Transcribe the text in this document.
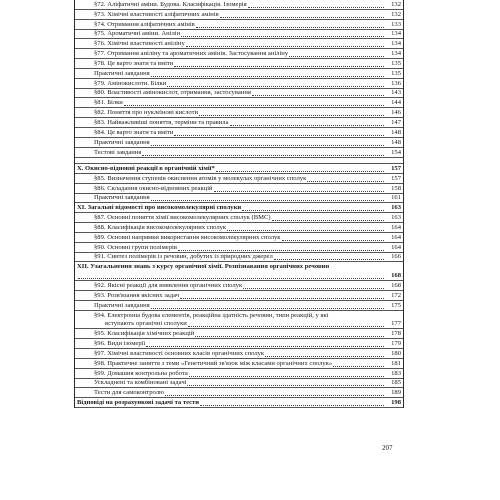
§72. Аліфатичні аміни. Будова. Класифікація. Ізомерія	132
§73. Хімічні властивості аліфатичних амінів	132
§74. Отримання аліфатичних амінів	133
§75. Ароматичні аміни. Анілін	134
§76. Хімічні властивості аніліну	134
§77. Отримання аніліну та ароматичних амінів. Застосування аніліну	134
§78. Це варто знати та вміти	135
Практичні завдання	135
§79. Амінокислоти. Білки	136
§80. Властивості амінокислот, отримання, застосування	143
§81. Білки	144
§82. Поняття про нуклеїнові кислоти	146
§83. Найважливіші поняття, терміни та правила	147
§84. Це варто знати та вміти	148
Практичні завдання	148
Тестові завдання	154
X. Окисно-відновні реакції в органічній хімії*	157
§85. Визначення ступенів окиснення атомів у молекулах органічних сполук	157
§86. Складання окисно-відновних реакцій	158
Практичні завдання	161
XI. Загальні відомості про високомолекулярні сполуки	163
§87. Основні поняття хімії високомолекулярних сполук (ВМС)	163
§88. Класифікація високомолекулярних сполук	164
§89. Основні напрямки використання високомолекулярних сполук	164
§90. Основні групи полімерів	164
§91. Синтез полімерів із речовин, добутих із природних джерел	166
XII. Узагальнення знань з курсу органічної хімії. Розпізнавання органічних речовин
168
§92. Якісні реакції для виявлення органічних сполук	168
§93. Розв'язання якісних задач	172
Практичні завдання	175
§94. Електронна будова елементів, реакційна здатність речовин, типи реакцій, у які
вступають органічні сполуки	177
§95. Класифікація хімічних реакцій	178
§96. Види ізомерії	179
§97. Хімічні властивості основних класів органічних сполук	180
§98. Практичне заняття з теми «Генетичний зв'язок між класами органічних сполук»	181
§99. Домашня контрольна робота	183
Ускладнені та комбіновані задачі	185
Тести для самоконтролю	189
Відповіді на розрахункові задачі та тести	198
207
